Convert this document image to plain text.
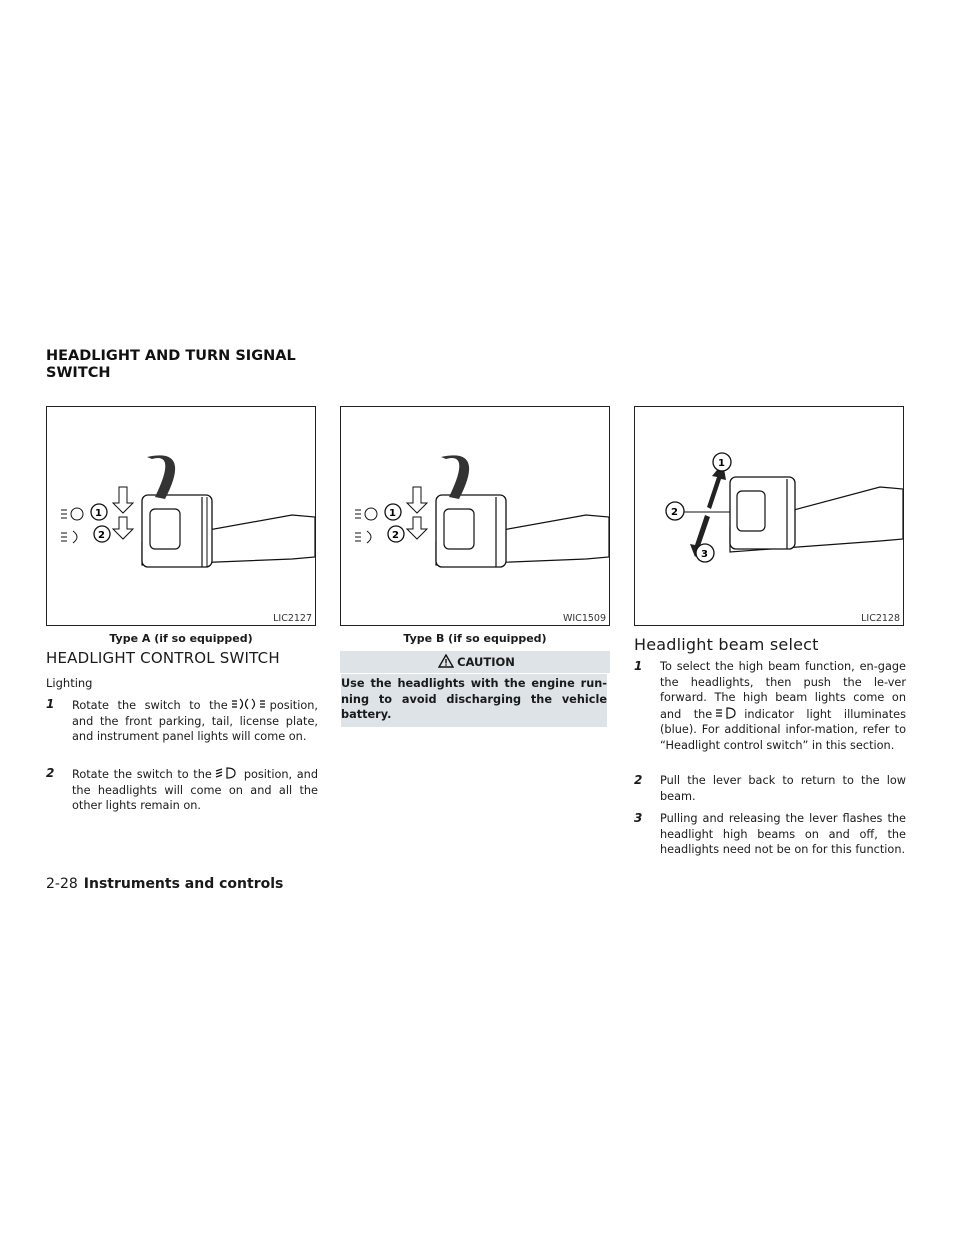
HEADLIGHT AND TURN SIGNAL SWITCH
1
2
LIC2127
Type A (if so equipped)
1
2
WIC1509
Type B (if so equipped)
1
2
3
LIC2128
HEADLIGHT CONTROL SWITCH
Lighting
1	Rotate the switch to the	position, and the front parking, tail, license plate, and instrument panel lights will come on.
2	Rotate the switch to the	position, and the headlights will come on and all the other lights remain on.
CAUTION
Use the headlights with the engine run-ning to avoid discharging the vehicle battery.
Headlight beam select
1	To select the high beam function, en-gage the headlights, then push the le-ver forward. The high beam lights come on and the	indicator light illuminates (blue). For additional infor-mation, refer to “Headlight control switch” in this section.
2	Pull the lever back to return to the low beam.
3	Pulling and releasing the lever flashes the headlight high beams on and off, the headlights need not be on for this function.
2-28 Instruments and controls
